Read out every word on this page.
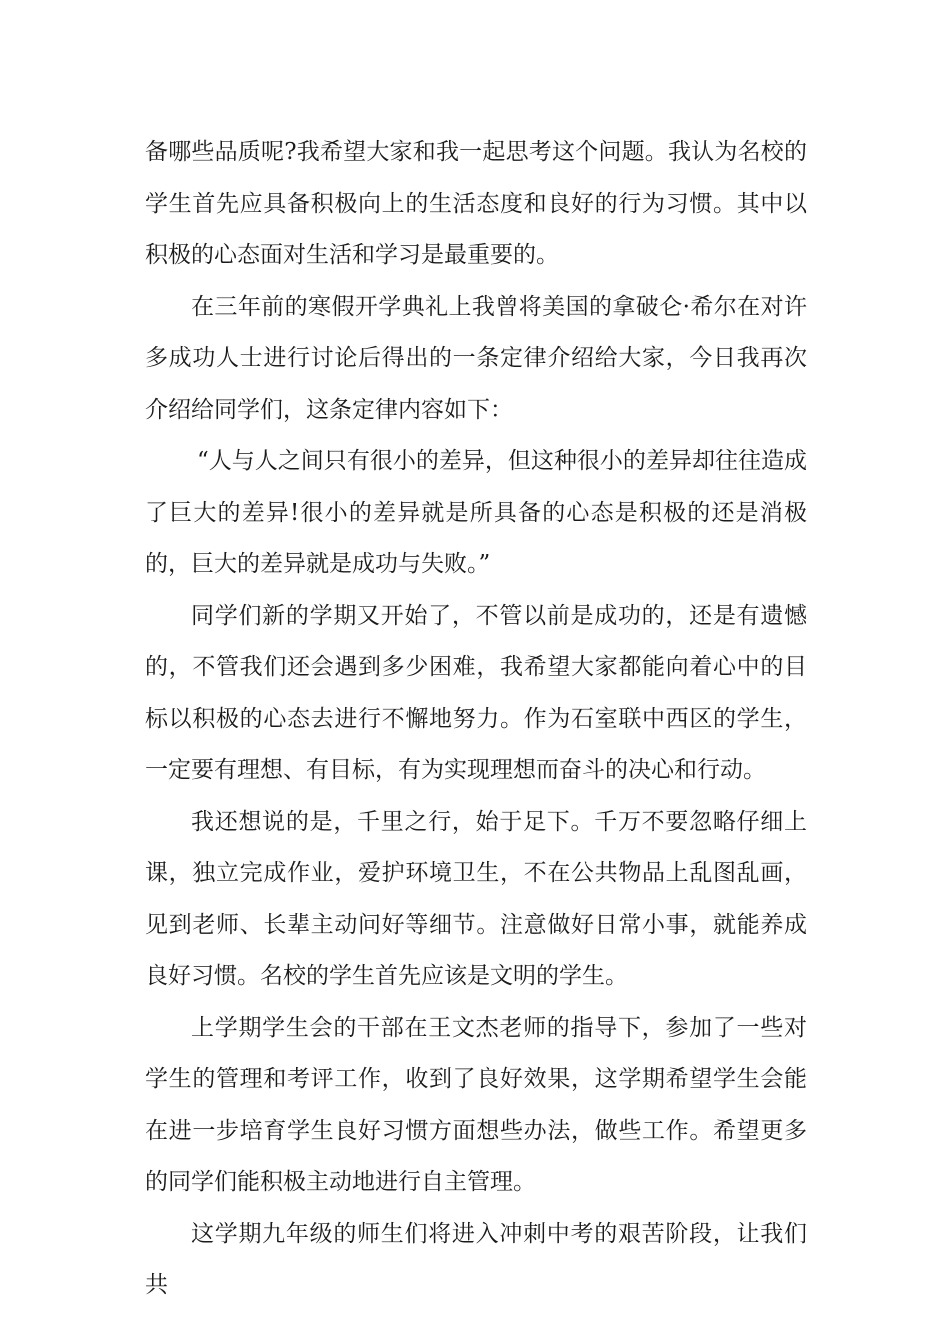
备哪些品质呢?我希望大家和我一起思考这个问题。我认为名校的学生首先应具备积极向上的生活态度和良好的行为习惯。其中以积极的心态面对生活和学习是最重要的。

在三年前的寒假开学典礼上我曾将美国的拿破仑·希尔在对许多成功人士进行讨论后得出的一条定律介绍给大家，今日我再次介绍给同学们，这条定律内容如下：

“人与人之间只有很小的差异，但这种很小的差异却往往造成了巨大的差异!很小的差异就是所具备的心态是积极的还是消极的，巨大的差异就是成功与失败。”

同学们新的学期又开始了，不管以前是成功的，还是有遗憾的，不管我们还会遇到多少困难，我希望大家都能向着心中的目标以积极的心态去进行不懈地努力。作为石室联中西区的学生，一定要有理想、有目标，有为实现理想而奋斗的决心和行动。

我还想说的是，千里之行，始于足下。千万不要忽略仔细上课，独立完成作业，爱护环境卫生，不在公共物品上乱图乱画，见到老师、长辈主动问好等细节。注意做好日常小事，就能养成良好习惯。名校的学生首先应该是文明的学生。

上学期学生会的干部在王文杰老师的指导下，参加了一些对学生的管理和考评工作，收到了良好效果，这学期希望学生会能在进一步培育学生良好习惯方面想些办法，做些工作。希望更多的同学们能积极主动地进行自主管理。

这学期九年级的师生们将进入冲刺中考的艰苦阶段，让我们共
